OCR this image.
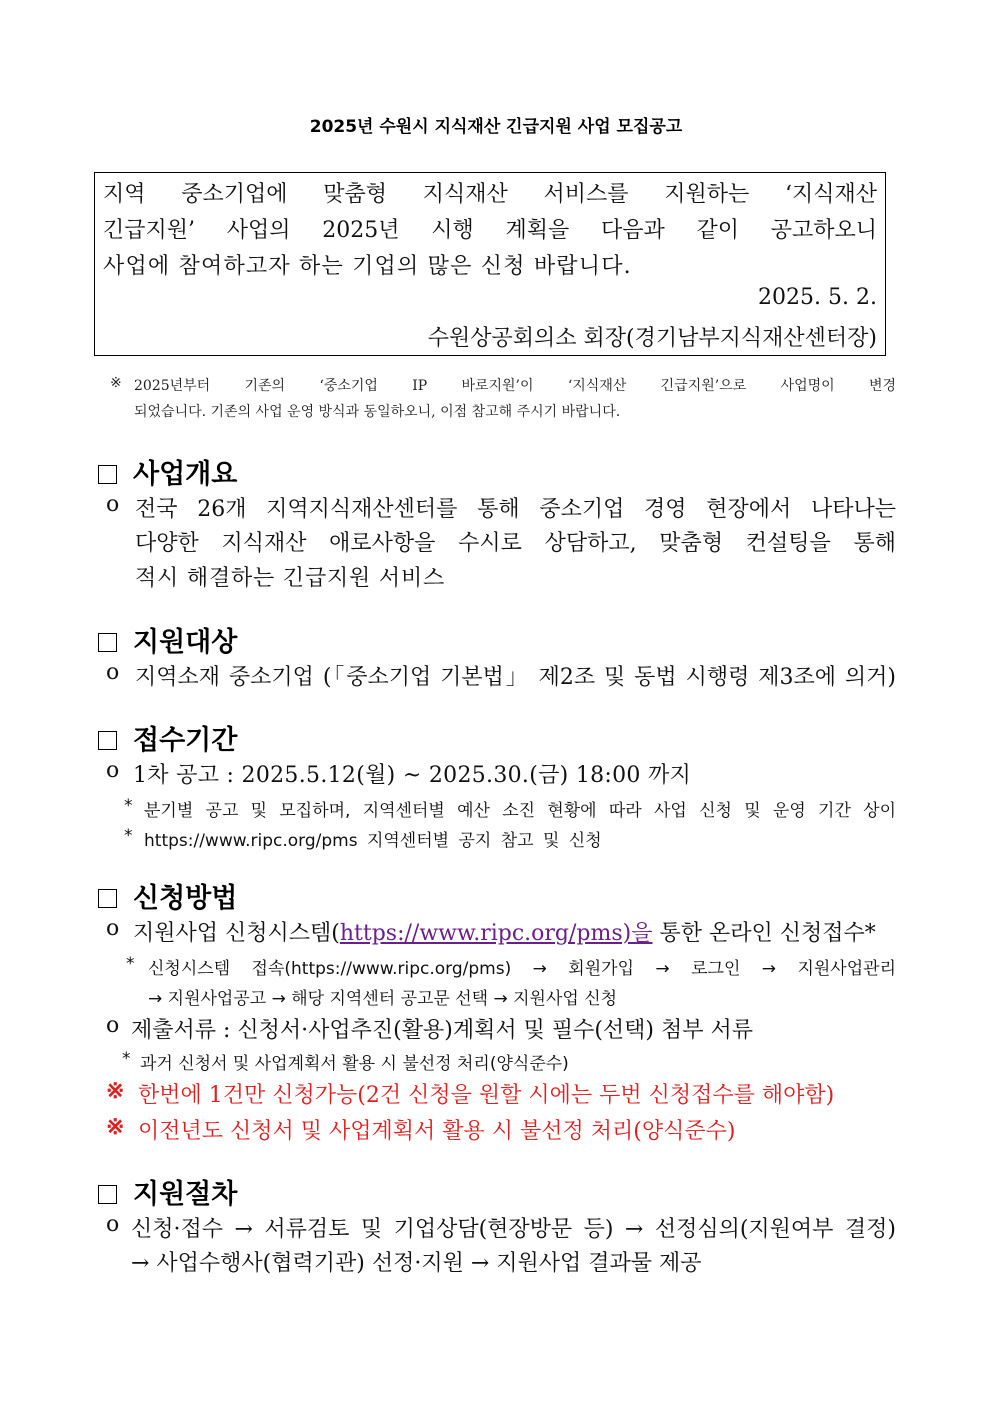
2025년 수원시 지식재산 긴급지원 사업 모집공고
지역 중소기업에 맞춤형 지식재산 서비스를 지원하는 ‘지식재산
긴급지원’ 사업의 2025년 시행 계획을 다음과 같이 공고하오니
사업에 참여하고자 하는 기업의 많은 신청 바랍니다.
2025. 5. 2.
수원상공회의소 회장(경기남부지식재산센터장)
※ 2025년부터 기존의 ‘중소기업 IP 바로지원’이 ‘지식재산 긴급지원’으로 사업명이 변경
되었습니다. 기존의 사업 운영 방식과 동일하오니, 이점 참고해 주시기 바랍니다.
사업개요
o 전국 26개 지역지식재산센터를 통해 중소기업 경영 현장에서 나타나는
다양한 지식재산 애로사항을 수시로 상담하고, 맞춤형 컨설팅을 통해
적시 해결하는 긴급지원 서비스
지원대상
o 지역소재 중소기업 (「중소기업 기본법」 제2조 및 동법 시행령 제3조에 의거)
접수기간
o 1차 공고 : 2025.5.12(월) ~ 2025.30.(금) 18:00 까지
* 분기별 공고 및 모집하며, 지역센터별 예산 소진 현황에 따라 사업 신청 및 운영 기간 상이
* https://www.ripc.org/pms 지역센터별 공지 참고 및 신청
신청방법
o 지원사업 신청시스템(https://www.ripc.org/pms)을 통한 온라인 신청접수*
* 신청시스템 접속(https://www.ripc.org/pms) → 회원가입 → 로그인 → 지원사업관리
→ 지원사업공고 → 해당 지역센터 공고문 선택 → 지원사업 신청
o 제출서류 : 신청서·사업추진(활용)계획서 및 필수(선택) 첨부 서류
* 과거 신청서 및 사업계획서 활용 시 불선정 처리(양식준수)
※ 한번에 1건만 신청가능(2건 신청을 원할 시에는 두번 신청접수를 해야함)
※ 이전년도 신청서 및 사업계획서 활용 시 불선정 처리(양식준수)
지원절차
o 신청·접수 → 서류검토 및 기업상담(현장방문 등) → 선정심의(지원여부 결정)
→ 사업수행사(협력기관) 선정·지원 → 지원사업 결과물 제공
